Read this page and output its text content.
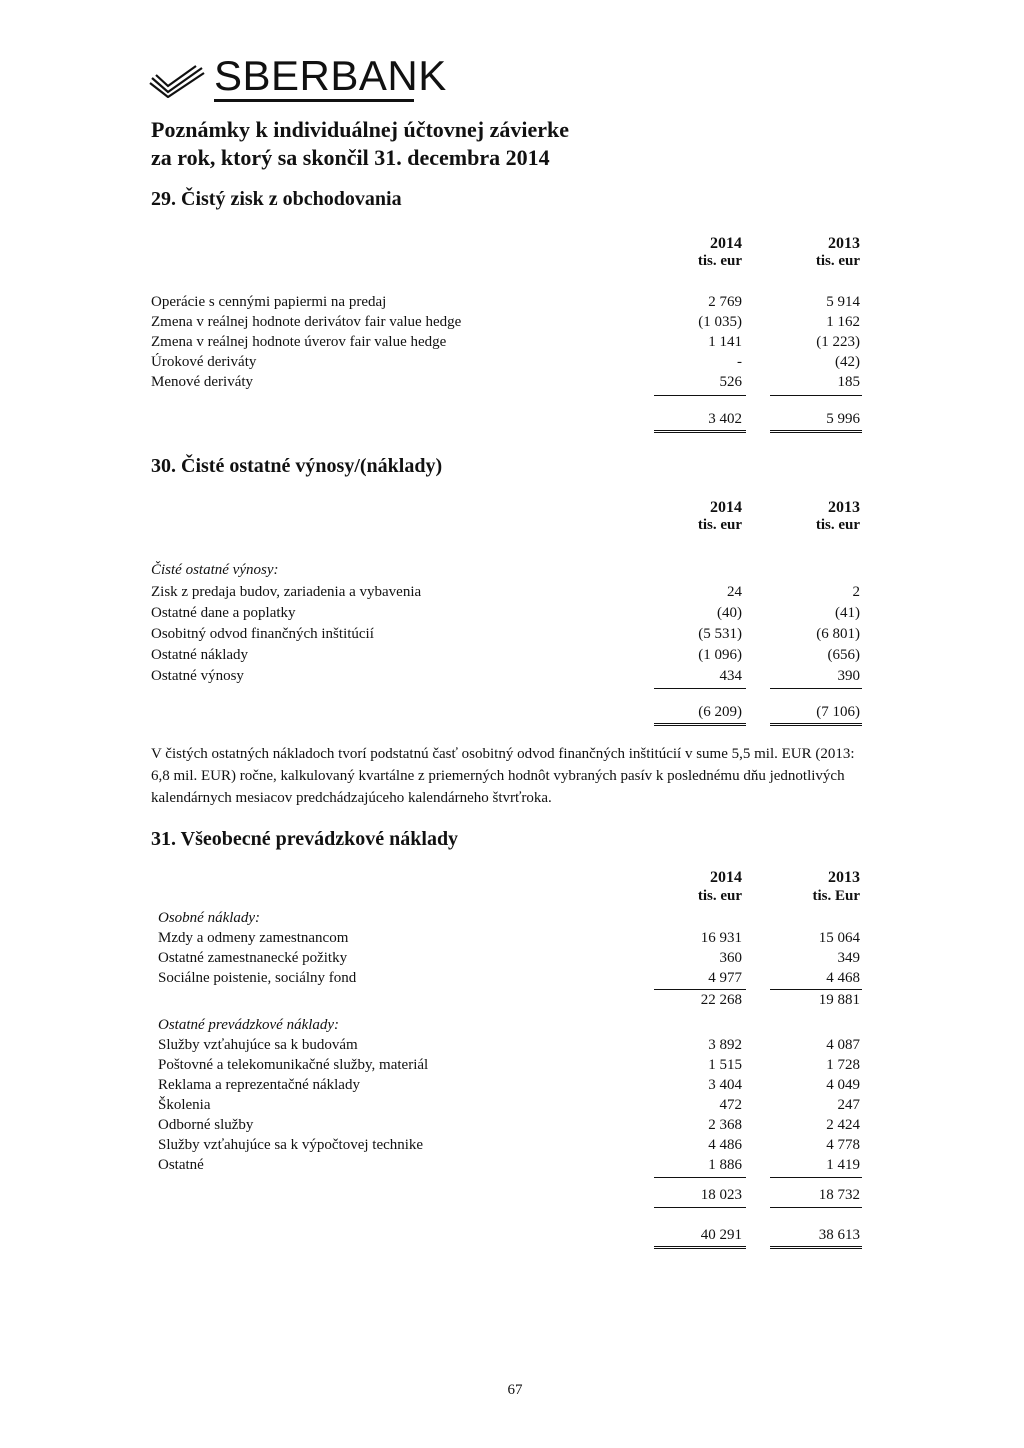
SBERBANK
Poznámky k individuálnej účtovnej závierke
za rok, ktorý sa skončil 31. decembra 2014
29. Čistý zisk z obchodovania
2014	2013
tis. eur	tis. eur
Operácie s cennými papiermi na predaj	2 769	5 914
Zmena v reálnej hodnote derivátov fair value hedge	(1 035)	1 162
Zmena v reálnej hodnote úverov fair value hedge	1 141	(1 223)
Úrokové deriváty	-	(42)
Menové deriváty	526	185
3 402	5 996
30. Čisté ostatné výnosy/(náklady)
2014	2013
tis. eur	tis. eur
Čisté ostatné výnosy:
Zisk z predaja budov, zariadenia a vybavenia	24	2
Ostatné dane a poplatky	(40)	(41)
Osobitný odvod finančných inštitúcií	(5 531)	(6 801)
Ostatné náklady	(1 096)	(656)
Ostatné výnosy	434	390
(6 209)	(7 106)
V čistých ostatných nákladoch tvorí podstatnú časť osobitný odvod finančných inštitúcií v sume 5,5 mil. EUR (2013: 6,8 mil. EUR) ročne, kalkulovaný kvartálne z priemerných hodnôt vybraných pasív k poslednému dňu jednotlivých kalendárnych mesiacov predchádzajúceho kalendárneho štvrťroka.
31. Všeobecné prevádzkové náklady
2014	2013
tis. eur	tis. Eur
Osobné náklady:
Mzdy a odmeny zamestnancom	16 931	15 064
Ostatné zamestnanecké požitky	360	349
Sociálne poistenie, sociálny fond	4 977	4 468
22 268	19 881
Ostatné prevádzkové náklady:
Služby vzťahujúce sa k budovám	3 892	4 087
Poštovné a telekomunikačné služby, materiál	1 515	1 728
Reklama a reprezentačné náklady	3 404	4 049
Školenia	472	247
Odborné služby	2 368	2 424
Služby vzťahujúce sa k výpočtovej technike	4 486	4 778
Ostatné	1 886	1 419
18 023	18 732
40 291	38 613
67
